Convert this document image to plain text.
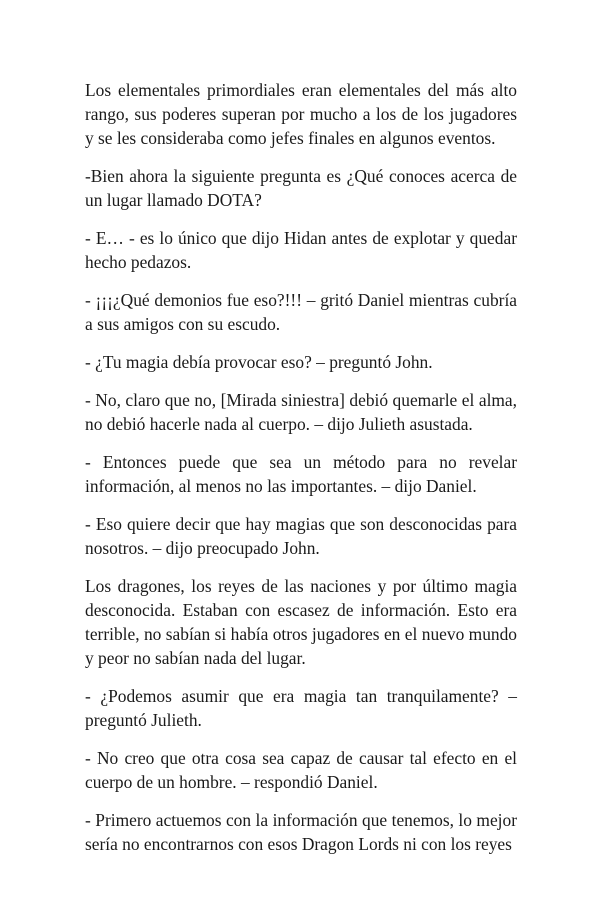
Los elementales primordiales eran elementales del más alto rango, sus poderes superan por mucho a los de los jugadores y se les consideraba como jefes finales en algunos eventos.

-Bien ahora la siguiente pregunta es ¿Qué conoces acerca de un lugar llamado DOTA?

- E… - es lo único que dijo Hidan antes de explotar y quedar hecho pedazos.

- ¡¡¡¿Qué demonios fue eso?!!! – gritó Daniel mientras cubría a sus amigos con su escudo.

- ¿Tu magia debía provocar eso? – preguntó John.

- No, claro que no, [Mirada siniestra] debió quemarle el alma, no debió hacerle nada al cuerpo. – dijo Julieth asustada.

- Entonces puede que sea un método para no revelar información, al menos no las importantes. – dijo Daniel.

- Eso quiere decir que hay magias que son desconocidas para nosotros. – dijo preocupado John.

Los dragones, los reyes de las naciones y por último magia desconocida. Estaban con escasez de información. Esto era terrible, no sabían si había otros jugadores en el nuevo mundo y peor no sabían nada del lugar.

- ¿Podemos asumir que era magia tan tranquilamente? – preguntó Julieth.

- No creo que otra cosa sea capaz de causar tal efecto en el cuerpo de un hombre. – respondió Daniel.

- Primero actuemos con la información que tenemos, lo mejor sería no encontrarnos con esos Dragon Lords ni con los reyes
